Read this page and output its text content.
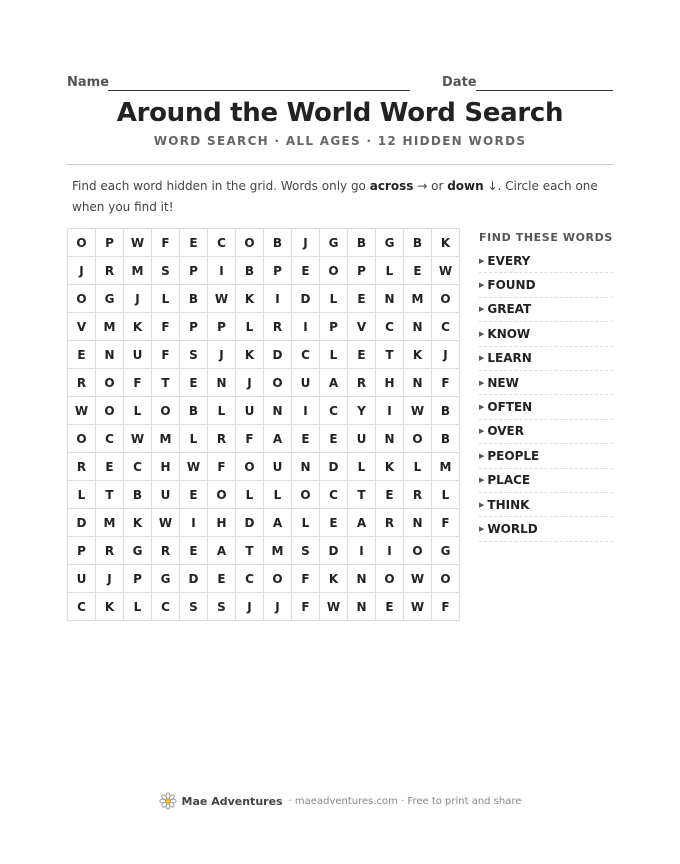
Name	Date
Around the World Word Search
WORD SEARCH · ALL AGES · 12 HIDDEN WORDS
Find each word hidden in the grid. Words only go across → or down ↓. Circle each one when you find it!
O	P	W	F	E	C	O	B	J	G	B	G	B	K
J	R	M	S	P	I	B	P	E	O	P	L	E	W
O	G	J	L	B	W	K	I	D	L	E	N	M	O
V	M	K	F	P	P	L	R	I	P	V	C	N	C
E	N	U	F	S	J	K	D	C	L	E	T	K	J
R	O	F	T	E	N	J	O	U	A	R	H	N	F
W	O	L	O	B	L	U	N	I	C	Y	I	W	B
O	C	W	M	L	R	F	A	E	E	U	N	O	B
R	E	C	H	W	F	O	U	N	D	L	K	L	M
L	T	B	U	E	O	L	L	O	C	T	E	R	L
D	M	K	W	I	H	D	A	L	E	A	R	N	F
P	R	G	R	E	A	T	M	S	D	I	I	O	G
U	J	P	G	D	E	C	O	F	K	N	O	W	O
C	K	L	C	S	S	J	J	F	W	N	E	W	F
FIND THESE WORDS
▶ EVERY
▶ FOUND
▶ GREAT
▶ KNOW
▶ LEARN
▶ NEW
▶ OFTEN
▶ OVER
▶ PEOPLE
▶ PLACE
▶ THINK
▶ WORLD
Mae Adventures · maeadventures.com · Free to print and share
